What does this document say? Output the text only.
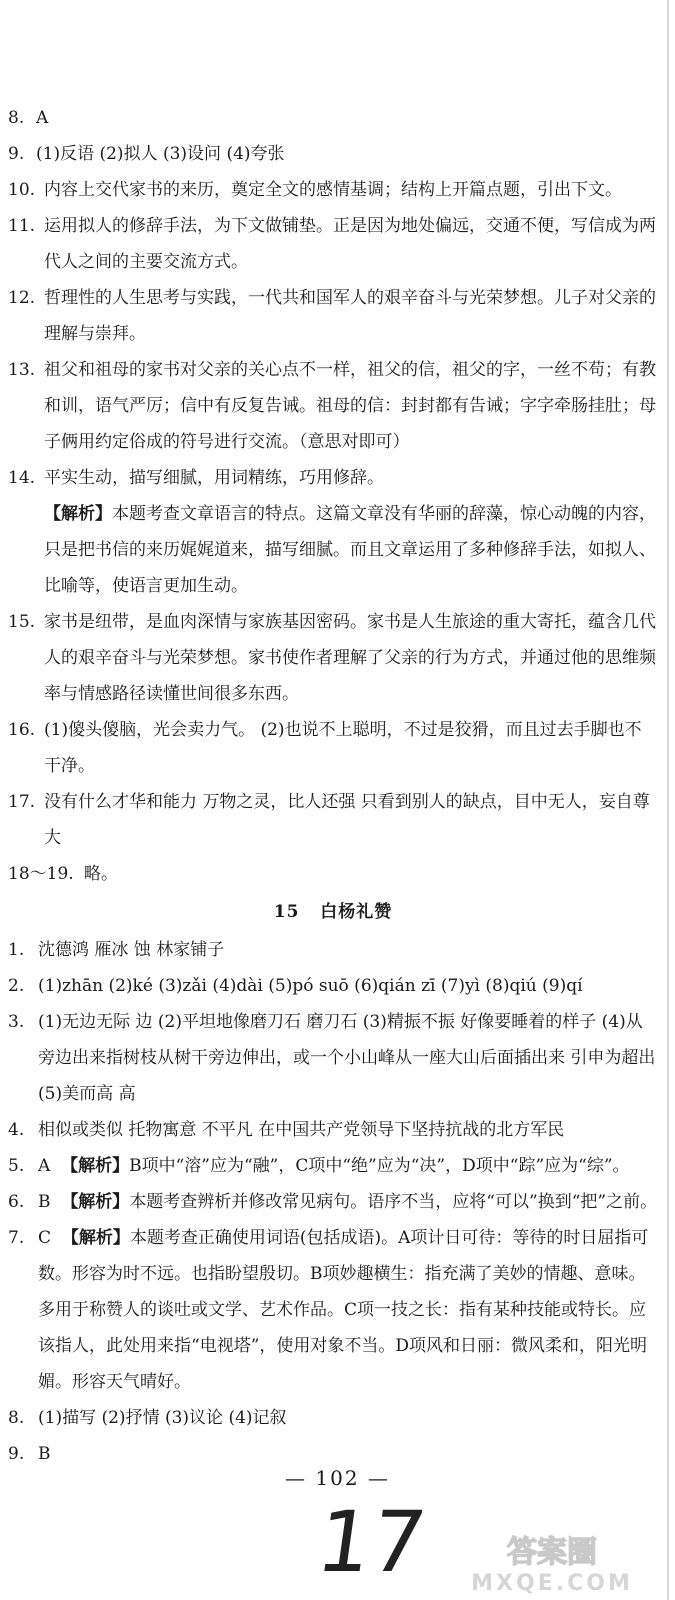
8. A
9. (1)反语 (2)拟人 (3)设问 (4)夸张
10. 内容上交代家书的来历，奠定全文的感情基调；结构上开篇点题，引出下文。
11. 运用拟人的修辞手法，为下文做铺垫。正是因为地处偏远，交通不便，写信成为两代人之间的主要交流方式。
12. 哲理性的人生思考与实践，一代共和国军人的艰辛奋斗与光荣梦想。儿子对父亲的理解与崇拜。
13. 祖父和祖母的家书对父亲的关心点不一样，祖父的信，祖父的字，一丝不苟；有教和训，语气严厉；信中有反复告诫。祖母的信：封封都有告诫；字字牵肠挂肚；母子俩用约定俗成的符号进行交流。（意思对即可）
14. 平实生动，描写细腻，用词精练，巧用修辞。
【解析】本题考查文章语言的特点。这篇文章没有华丽的辞藻，惊心动魄的内容，只是把书信的来历娓娓道来，描写细腻。而且文章运用了多种修辞手法，如拟人、比喻等，使语言更加生动。
15. 家书是纽带，是血肉深情与家族基因密码。家书是人生旅途的重大寄托，蕴含几代人的艰辛奋斗与光荣梦想。家书使作者理解了父亲的行为方式，并通过他的思维频率与情感路径读懂世间很多东西。
16. (1)傻头傻脑，光会卖力气。 (2)也说不上聪明，不过是狡猾，而且过去手脚也不干净。
17. 没有什么才华和能力 万物之灵，比人还强 只看到别人的缺点，目中无人，妄自尊大
18～19. 略。
15 白杨礼赞
1. 沈德鸿 雁冰 蚀 林家铺子
2. (1)zhān (2)ké (3)zǎi (4)dài (5)pó suō (6)qián zī (7)yì (8)qiú (9)qí
3. (1)无边无际 边 (2)平坦地像磨刀石 磨刀石 (3)精振不振 好像要睡着的样子 (4)从旁边出来指树枝从树干旁边伸出，或一个小山峰从一座大山后面插出来 引申为超出 (5)美而高 高
4. 相似或类似 托物寓意 不平凡 在中国共产党领导下坚持抗战的北方军民
5. A 【解析】B项中“溶”应为“融”，C项中“绝”应为“决”，D项中“踪”应为“综”。
6. B 【解析】本题考查辨析并修改常见病句。语序不当，应将“可以”换到“把”之前。
7. C 【解析】本题考查正确使用词语(包括成语)。A项计日可待：等待的时日屈指可数。形容为时不远。也指盼望殷切。B项妙趣横生：指充满了美妙的情趣、意味。多用于称赞人的谈吐或文学、艺术作品。C项一技之长：指有某种技能或特长。应该指人，此处用来指“电视塔”，使用对象不当。D项风和日丽：微风柔和，阳光明媚。形容天气晴好。
8. (1)描写 (2)抒情 (3)议论 (4)记叙
9. B
— 102 —
17	答案圈
MXQE.COM
